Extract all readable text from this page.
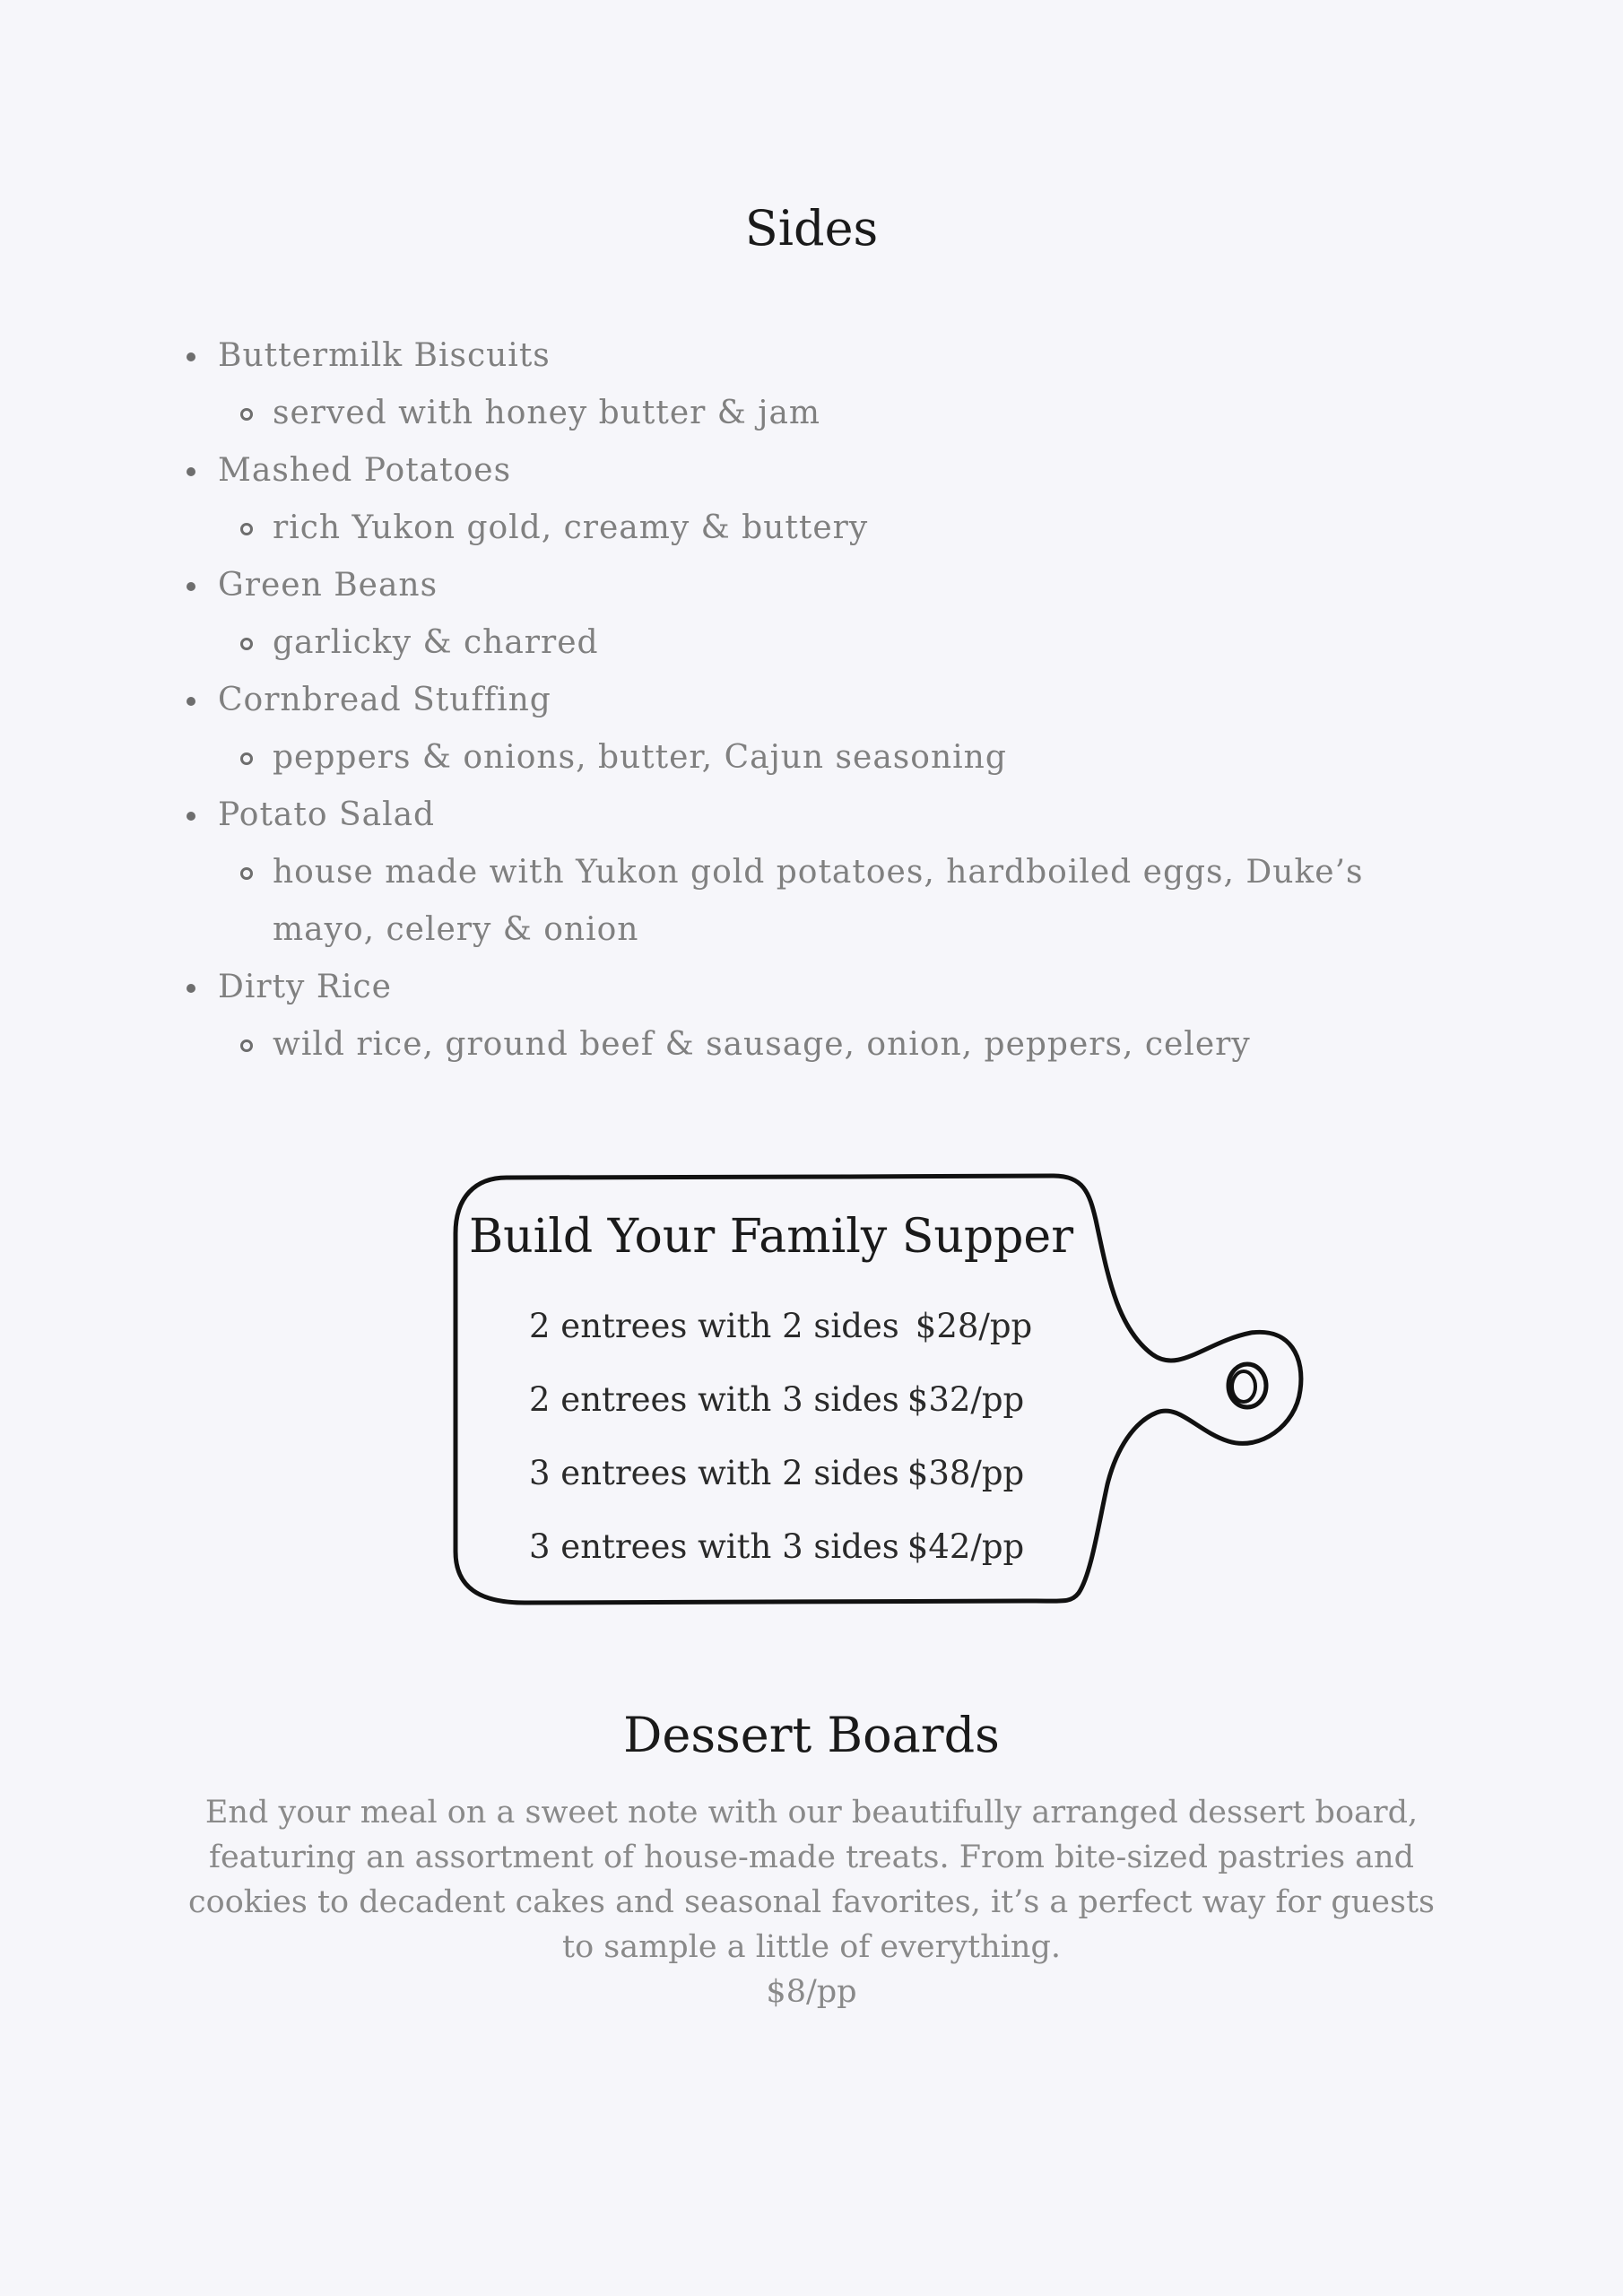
Sides
Buttermilk Biscuits
served with honey butter & jam
Mashed Potatoes
rich Yukon gold, creamy & buttery
Green Beans
garlicky & charred
Cornbread Stuffing
peppers & onions, butter, Cajun seasoning
Potato Salad
house made with Yukon gold potatoes, hardboiled eggs, Duke’s mayo, celery & onion
Dirty Rice
wild rice, ground beef & sausage, onion, peppers, celery
Build Your Family Supper
2 entrees with 2 sides $28/pp
2 entrees with 3 sides $32/pp
3 entrees with 2 sides $38/pp
3 entrees with 3 sides $42/pp
Dessert Boards

End your meal on a sweet note with our beautifully arranged dessert board, featuring an assortment of house-made treats. From bite-sized pastries and cookies to decadent cakes and seasonal favorites, it’s a perfect way for guests to sample a little of everything.

$8/pp
